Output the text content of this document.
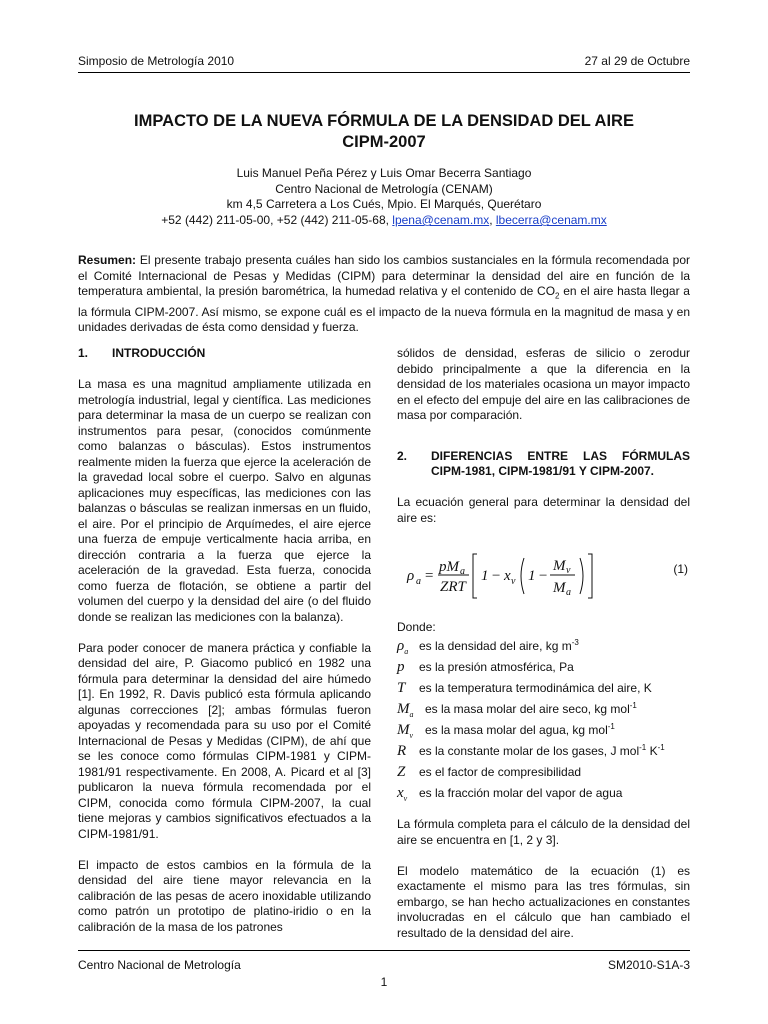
Simposio de Metrología 2010	27 al 29 de Octubre
IMPACTO DE LA NUEVA FÓRMULA DE LA DENSIDAD DEL AIRE
CIPM-2007
Luis Manuel Peña Pérez y Luis Omar Becerra Santiago
Centro Nacional de Metrología (CENAM)
km 4,5 Carretera a Los Cués, Mpio. El Marqués, Querétaro
+52 (442) 211-05-00, +52 (442) 211-05-68, lpena@cenam.mx, lbecerra@cenam.mx
Resumen: El presente trabajo presenta cuáles han sido los cambios sustanciales en la fórmula recomendada por el Comité Internacional de Pesas y Medidas (CIPM) para determinar la densidad del aire en función de la temperatura ambiental, la presión barométrica, la humedad relativa y el contenido de $CO_2$ en el aire hasta llegar a la fórmula CIPM-2007. Así mismo, se expone cuál es el impacto de la nueva fórmula en la magnitud de masa y en unidades derivadas de ésta como densidad y fuerza.
1.	INTRODUCCIÓN

La masa es una magnitud ampliamente utilizada en metrología industrial, legal y científica. Las mediciones para determinar la masa de un cuerpo se realizan con instrumentos para pesar, (conocidos comúnmente como balanzas o básculas). Estos instrumentos realmente miden la fuerza que ejerce la aceleración de la gravedad local sobre el cuerpo. Salvo en algunas aplicaciones muy específicas, las mediciones con las balanzas o básculas se realizan inmersas en un fluido, el aire. Por el principio de Arquímedes, el aire ejerce una fuerza de empuje verticalmente hacia arriba, en dirección contraria a la fuerza que ejerce la aceleración de la gravedad. Esta fuerza, conocida como fuerza de flotación, se obtiene a partir del volumen del cuerpo y la densidad del aire (o del fluido donde se realizan las mediciones con la balanza).

Para poder conocer de manera práctica y confiable la densidad del aire, P. Giacomo publicó en 1982 una fórmula para determinar la densidad del aire húmedo [1]. En 1992, R. Davis publicó esta fórmula aplicando algunas correcciones [2]; ambas fórmulas fueron apoyadas y recomendada para su uso por el Comité Internacional de Pesas y Medidas (CIPM), de ahí que se les conoce como fórmulas CIPM-1981 y CIPM-1981/91 respectivamente. En 2008, A. Picard et al [3] publicaron la nueva fórmula recomendada por el CIPM, conocida como fórmula CIPM-2007, la cual tiene mejoras y cambios significativos efectuados a la CIPM-1981/91.

El impacto de estos cambios en la fórmula de la densidad del aire tiene mayor relevancia en la calibración de las pesas de acero inoxidable utilizando como patrón un prototipo de platino-iridio o en la calibración de la masa de los patrones

sólidos de densidad, esferas de silicio o zerodur debido principalmente a que la diferencia en la densidad de los materiales ocasiona un mayor impacto en el efecto del empuje del aire en las calibraciones de masa por comparación.

2.	DIFERENCIAS ENTRE LAS FÓRMULAS CIPM-1981, CIPM-1981/91 Y CIPM-2007.

La ecuación general para determinar la densidad del aire es:

ρ a =
pM a
ZRT
1 − x v 1 −
M v
M a
(1)
Donde:
$\rho_a$ es la densidad del aire, kg $m^{-3}$
p	es la presión atmosférica, Pa
T	es la temperatura termodinámica del aire, K
$M_a$ es la masa molar del aire seco, kg mol$^{-1}$
$M_v$ es la masa molar del agua, kg mol$^{-1}$
R	es la constante molar de los gases, J mol$^{-1}$ $K^{-1}$
Z	es el factor de compresibilidad
$x_v$ es la fracción molar del vapor de agua

La fórmula completa para el cálculo de la densidad del aire se encuentra en [1, 2 y 3].

El modelo matemático de la ecuación (1) es exactamente el mismo para las tres fórmulas, sin embargo, se han hecho actualizaciones en constantes involucradas en el cálculo que han cambiado el resultado de la densidad del aire.

Centro Nacional de Metrología	SM2010-S1A-3
1
